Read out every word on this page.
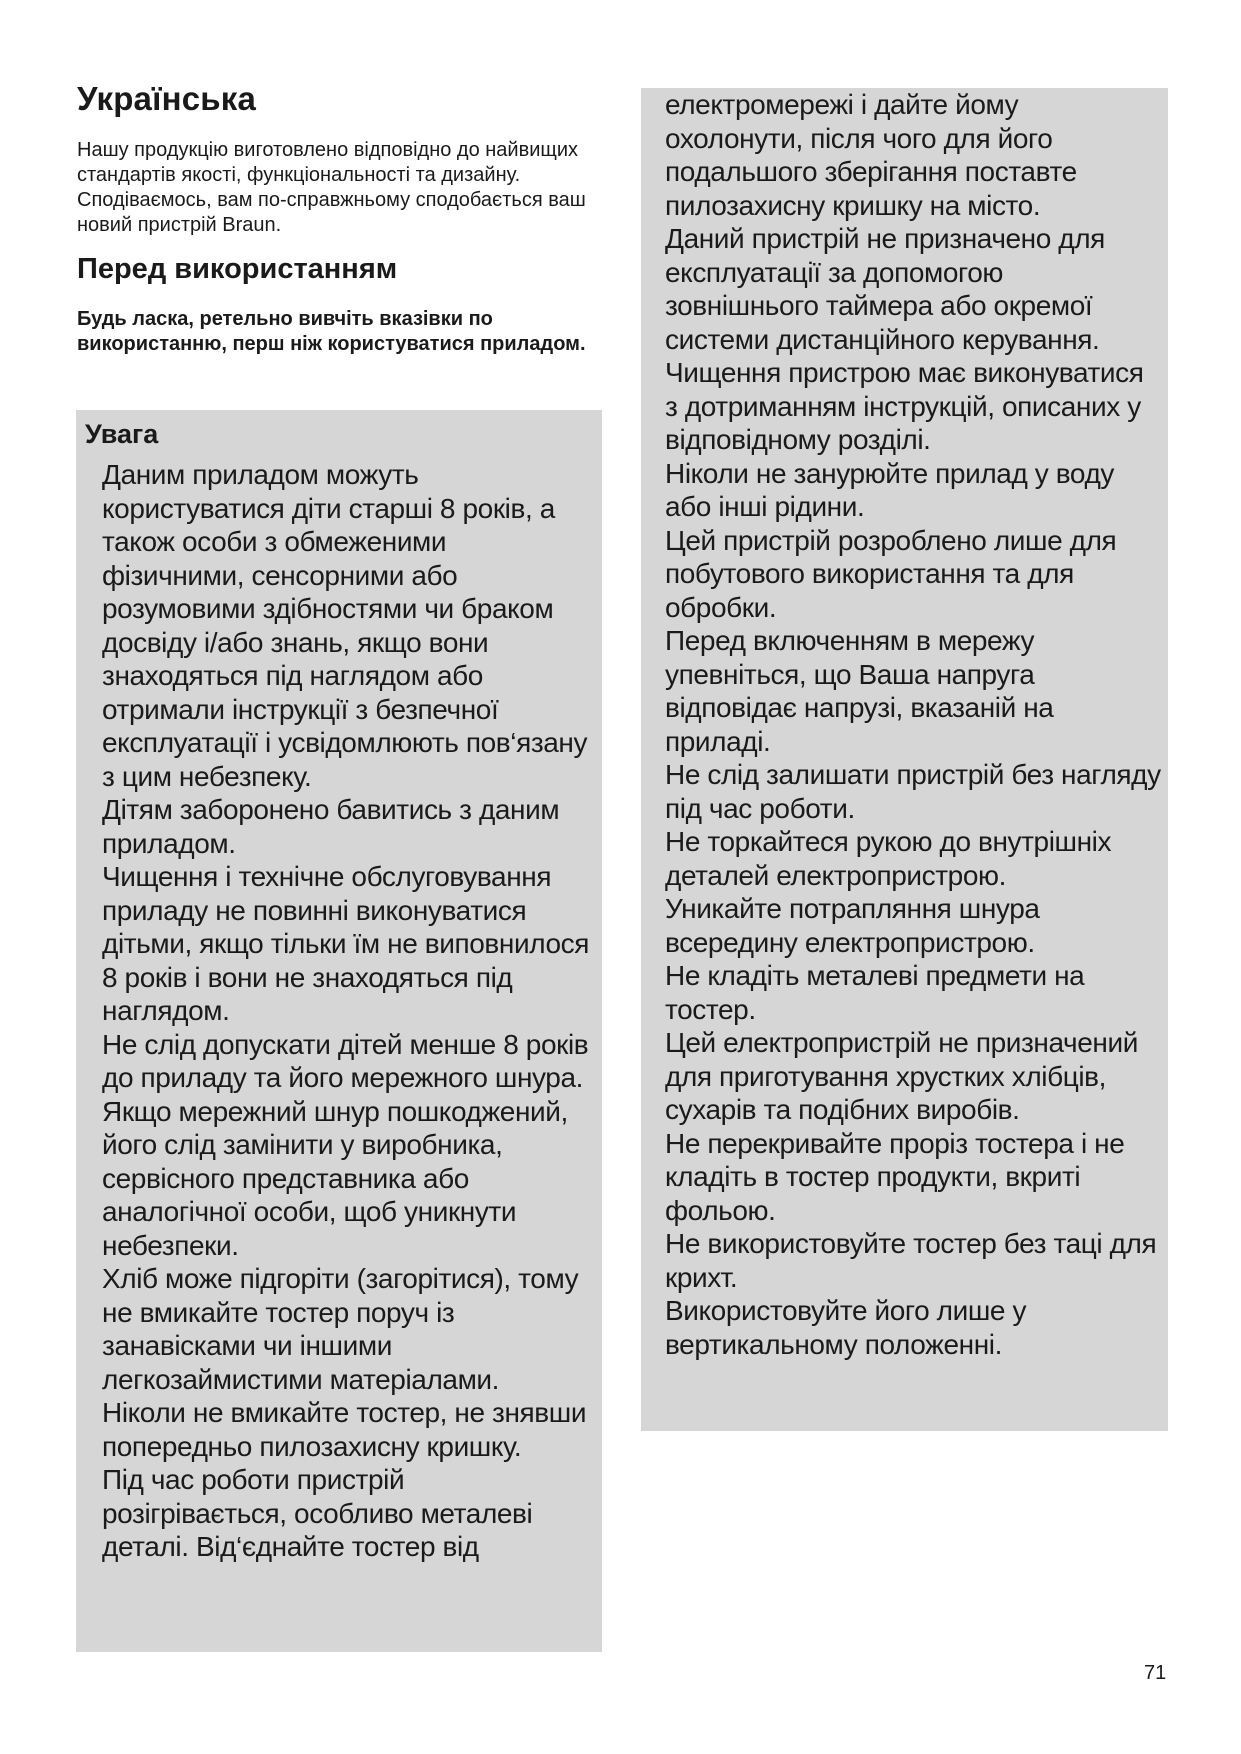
Українська

Нашу продукцію виготовлено відповідно до найвищих стандартів якості, функціональності та дизайну. Сподіваємось, вам по-справжньому сподобається ваш новий пристрій Braun.

Перед використанням

Будь ласка, ретельно вивчіть вказівки по використанню, перш ніж користуватися приладом.

Увага
Даним приладом можуть користуватися діти старші 8 років, а також особи з обмеженими фізичними, сенсорними або розумовими здібностями чи браком досвіду і/або знань, якщо вони знаходяться під наглядом або отримали інструкції з безпечної експлуатації і усвідомлюють пов‘язану з цим небезпеку.
Дітям заборонено бавитись з даним приладом.
Чищення і технічне обслуговування приладу не повинні виконуватися дітьми, якщо тільки їм не виповнилося 8 років і вони не знаходяться під наглядом.
Не слід допускати дітей менше 8 років до приладу та його мережного шнура.
Якщо мережний шнур пошкоджений, його слід замінити у виробника, сервісного представника або аналогічної особи, щоб уникнути небезпеки.
Хліб може підгоріти (загорітися), тому не вмикайте тостер поруч із занавісками чи іншими легкозаймистими матеріалами.
Ніколи не вмикайте тостер, не знявши попередньо пилозахисну кришку.
Під час роботи пристрій розігрівається, особливо металеві деталі. Від‘єднайте тостер від
електромережі і дайте йому охолонути, після чого для його подальшого зберігання поставте пилозахисну кришку на місто.
Даний пристрій не призначено для експлуатації за допомогою зовнішнього таймера або окремої системи дистанційного керування.
Чищення пристрою має виконуватися з дотриманням інструкцій, описаних у відповідному розділі.
Ніколи не занурюйте прилад у воду або інші рідини.
Цей пристрій розроблено лише для побутового використання та для обробки.
Перед включенням в мережу упевніться, що Ваша напруга відповідає напрузі, вказаній на приладі.
Не слід залишати пристрій без нагляду під час роботи.
Не торкайтеся рукою до внутрішніх деталей електропристрою.
Уникайте потрапляння шнура всередину електропристрою.
Не кладіть металеві предмети на тостер.
Цей електропристрій не призначений для приготування хрустких хлібців, сухарів та подібних виробів.
Не перекривайте проріз тостера і не кладіть в тостер продукти, вкриті фольою.
Не використовуйте тостер без таці для крихт.
Використовуйте його лише у вертикальному положенні.
71
